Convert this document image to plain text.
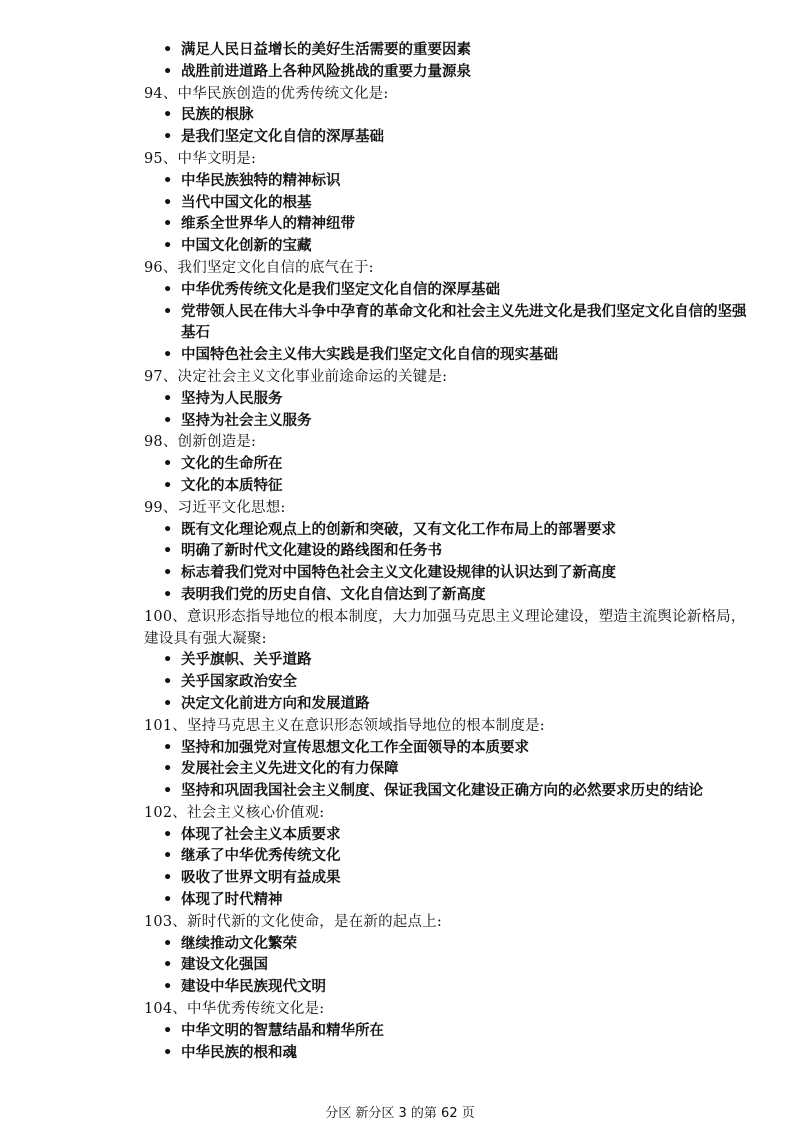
• 满足人民日益增长的美好生活需要的重要因素
• 战胜前进道路上各种风险挑战的重要力量源泉
94、中华民族创造的优秀传统文化是:
• 民族的根脉
• 是我们坚定文化自信的深厚基础
95、中华文明是:
• 中华民族独特的精神标识
• 当代中国文化的根基
• 维系全世界华人的精神纽带
• 中国文化创新的宝藏
96、我们坚定文化自信的底气在于:
• 中华优秀传统文化是我们坚定文化自信的深厚基础
• 党带领人民在伟大斗争中孕育的革命文化和社会主义先进文化是我们坚定文化自信的坚强基石
• 中国特色社会主义伟大实践是我们坚定文化自信的现实基础
97、决定社会主义文化事业前途命运的关键是:
• 坚持为人民服务
• 坚持为社会主义服务
98、创新创造是:
• 文化的生命所在
• 文化的本质特征
99、习近平文化思想:
• 既有文化理论观点上的创新和突破，又有文化工作布局上的部署要求
• 明确了新时代文化建设的路线图和任务书
• 标志着我们党对中国特色社会主义文化建设规律的认识达到了新高度
• 表明我们党的历史自信、文化自信达到了新高度
100、意识形态指导地位的根本制度，大力加强马克思主义理论建设，塑造主流舆论新格局，建设具有强大凝聚:
• 关乎旗帜、关乎道路
• 关乎国家政治安全
• 决定文化前进方向和发展道路
101、坚持马克思主义在意识形态领域指导地位的根本制度是:
• 坚持和加强党对宣传思想文化工作全面领导的本质要求
• 发展社会主义先进文化的有力保障
• 坚持和巩固我国社会主义制度、保证我国文化建设正确方向的必然要求历史的结论
102、社会主义核心价值观:
• 体现了社会主义本质要求
• 继承了中华优秀传统文化
• 吸收了世界文明有益成果
• 体现了时代精神
103、新时代新的文化使命，是在新的起点上:
• 继续推动文化繁荣
• 建设文化强国
• 建设中华民族现代文明
104、中华优秀传统文化是:
• 中华文明的智慧结晶和精华所在
• 中华民族的根和魂
分区 新分区 3 的第 62 页
